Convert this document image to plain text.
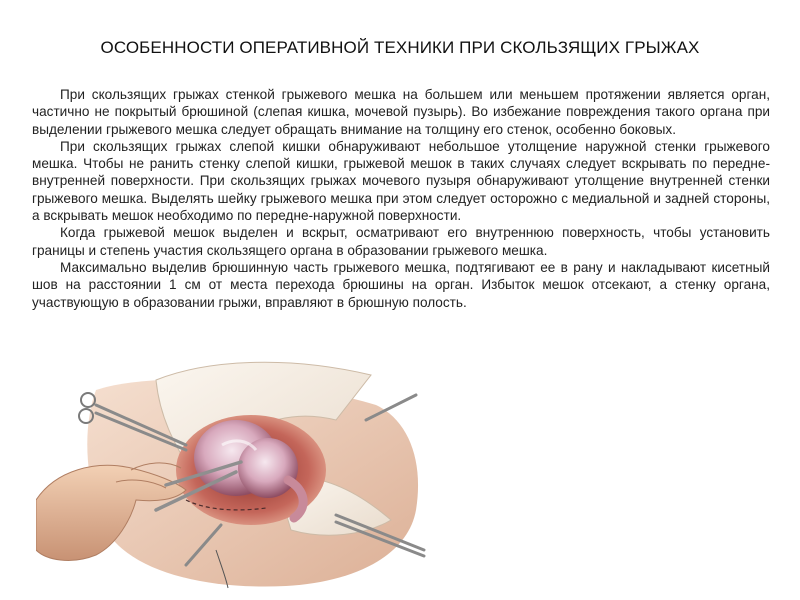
ОСОБЕННОСТИ ОПЕРАТИВНОЙ ТЕХНИКИ ПРИ СКОЛЬЗЯЩИХ ГРЫЖАХ

При скользящих грыжах стенкой грыжевого мешка на большем или меньшем протяжении является орган, частично не покрытый брюшиной (слепая кишка, мочевой пузырь). Во избежание повреждения такого органа при выделении грыжевого мешка следует обращать внимание на толщину его стенок, особенно боковых.

При скользящих грыжах слепой кишки обнаруживают небольшое утолщение наружной стенки грыжевого мешка. Чтобы не ранить стенку слепой кишки, грыжевой мешок в таких случаях следует вскрывать по передне-внутренней поверхности. При скользящих грыжах мочевого пузыря обнаруживают утолщение внутренней стенки грыжевого мешка. Выделять шейку грыжевого мешка при этом следует осторожно с медиальной и задней стороны, а вскрывать мешок необходимо по передне-наружной поверхности.

Когда грыжевой мешок выделен и вскрыт, осматривают его внутреннюю поверхность, чтобы установить границы и степень участия скользящего органа в образовании грыжевого мешка.

Максимально выделив брюшинную часть грыжевого мешка, подтягивают ее в рану и накладывают кисетный шов на расстоянии 1 см от места перехода брюшины на орган. Избыток мешок отсекают, а стенку органа, участвующую в образовании грыжи, вправляют в брюшную полость.
